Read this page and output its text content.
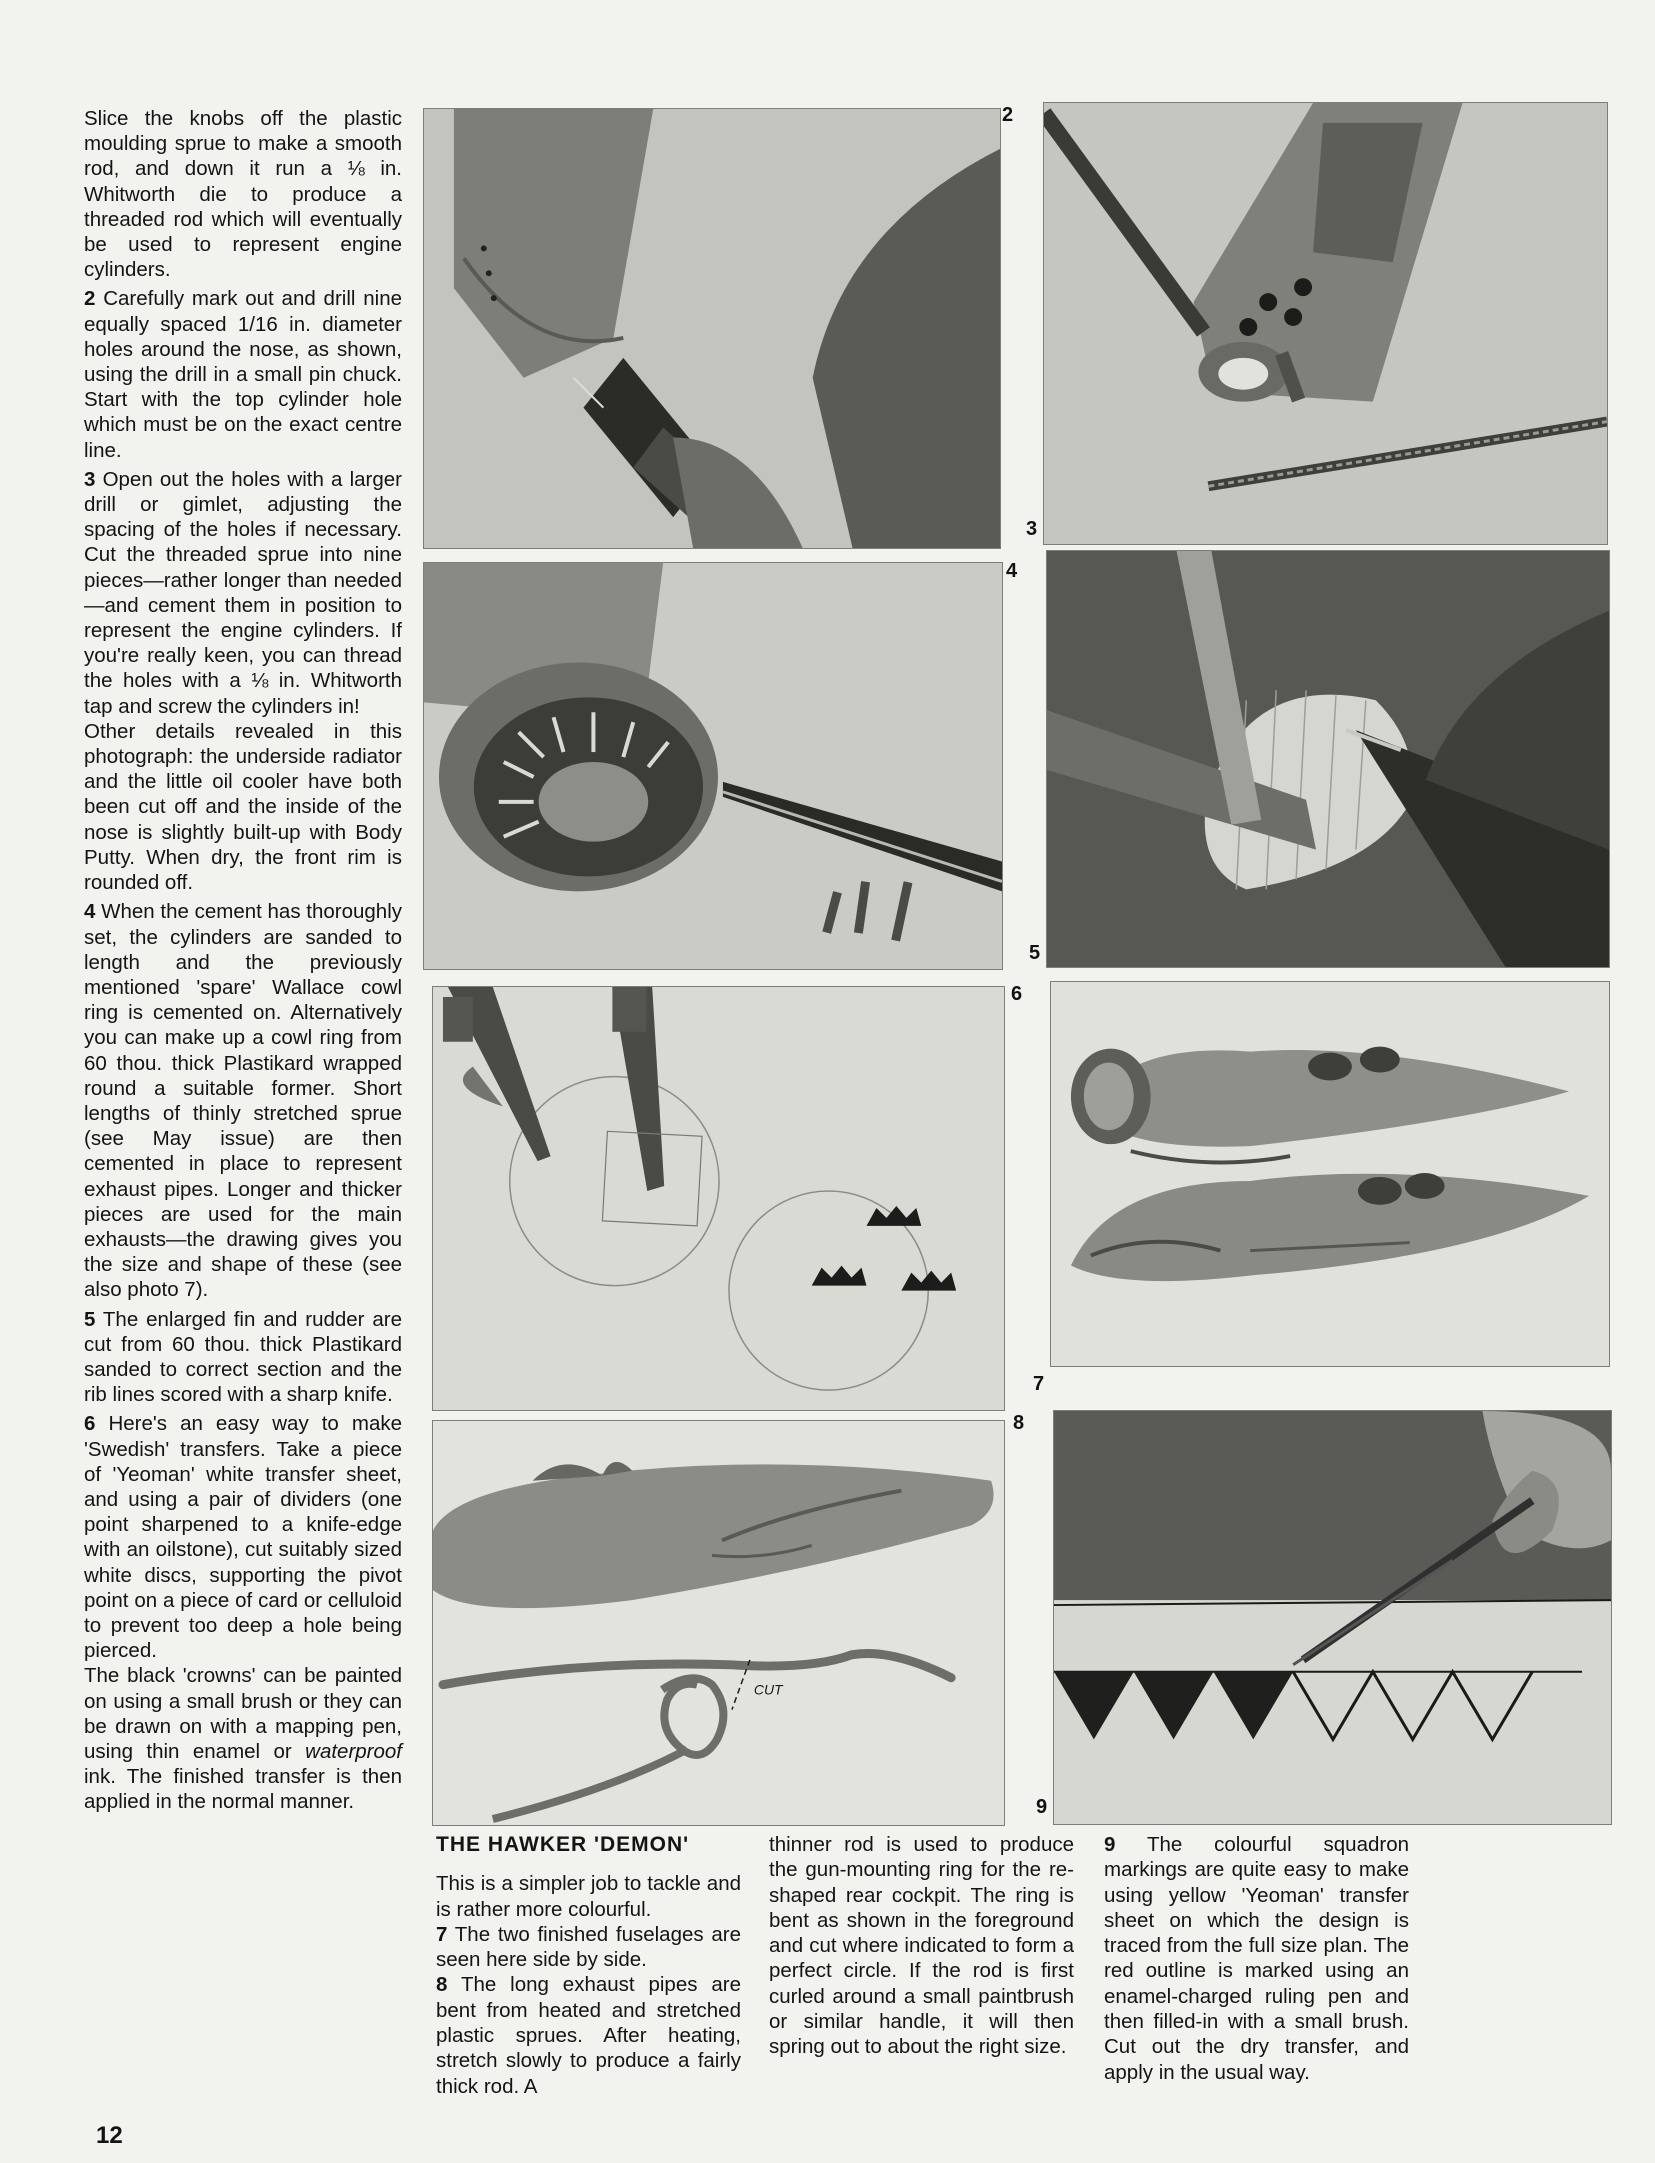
Slice the knobs off the plastic moulding sprue to make a smooth rod, and down it run a ⅛ in. Whitworth die to produce a threaded rod which will eventually be used to represent engine cylinders.

2 Carefully mark out and drill nine equally spaced 1/16 in. diameter holes around the nose, as shown, using the drill in a small pin chuck. Start with the top cylinder hole which must be on the exact centre line.

3 Open out the holes with a larger drill or gimlet, adjusting the spacing of the holes if necessary. Cut the threaded sprue into nine pieces—rather longer than needed—and cement them in position to represent the engine cylinders. If you're really keen, you can thread the holes with a ⅛ in. Whitworth tap and screw the cylinders in!
Other details revealed in this photograph: the underside radiator and the little oil cooler have both been cut off and the inside of the nose is slightly built-up with Body Putty. When dry, the front rim is rounded off.

4 When the cement has thoroughly set, the cylinders are sanded to length and the previously mentioned 'spare' Wallace cowl ring is cemented on. Alternatively you can make up a cowl ring from 60 thou. thick Plastikard wrapped round a suitable former. Short lengths of thinly stretched sprue (see May issue) are then cemented in place to represent exhaust pipes. Longer and thicker pieces are used for the main exhausts—the drawing gives you the size and shape of these (see also photo 7).

5 The enlarged fin and rudder are cut from 60 thou. thick Plastikard sanded to correct section and the rib lines scored with a sharp knife.

6 Here's an easy way to make 'Swedish' transfers. Take a piece of 'Yeoman' white transfer sheet, and using a pair of dividers (one point sharpened to a knife-edge with an oilstone), cut suitably sized white discs, supporting the pivot point on a piece of card or celluloid to prevent too deep a hole being pierced.
The black 'crowns' can be painted on using a small brush or they can be drawn on with a mapping pen, using thin enamel or waterproof ink. The finished transfer is then applied in the normal manner.

2
3
4
5
6
7
CUT
8
9
THE HAWKER 'DEMON'

This is a simpler job to tackle and is rather more colourful.

7 The two finished fuselages are seen here side by side.

8 The long exhaust pipes are bent from heated and stretched plastic sprues. After heating, stretch slowly to produce a fairly thick rod. A

thinner rod is used to produce the gun-mounting ring for the re-shaped rear cockpit. The ring is bent as shown in the foreground and cut where indicated to form a perfect circle. If the rod is first curled around a small paintbrush or similar handle, it will then spring out to about the right size.

9 The colourful squadron markings are quite easy to make using yellow 'Yeoman' transfer sheet on which the design is traced from the full size plan. The red outline is marked using an enamel-charged ruling pen and then filled-in with a small brush. Cut out the dry transfer, and apply in the usual way.

12
